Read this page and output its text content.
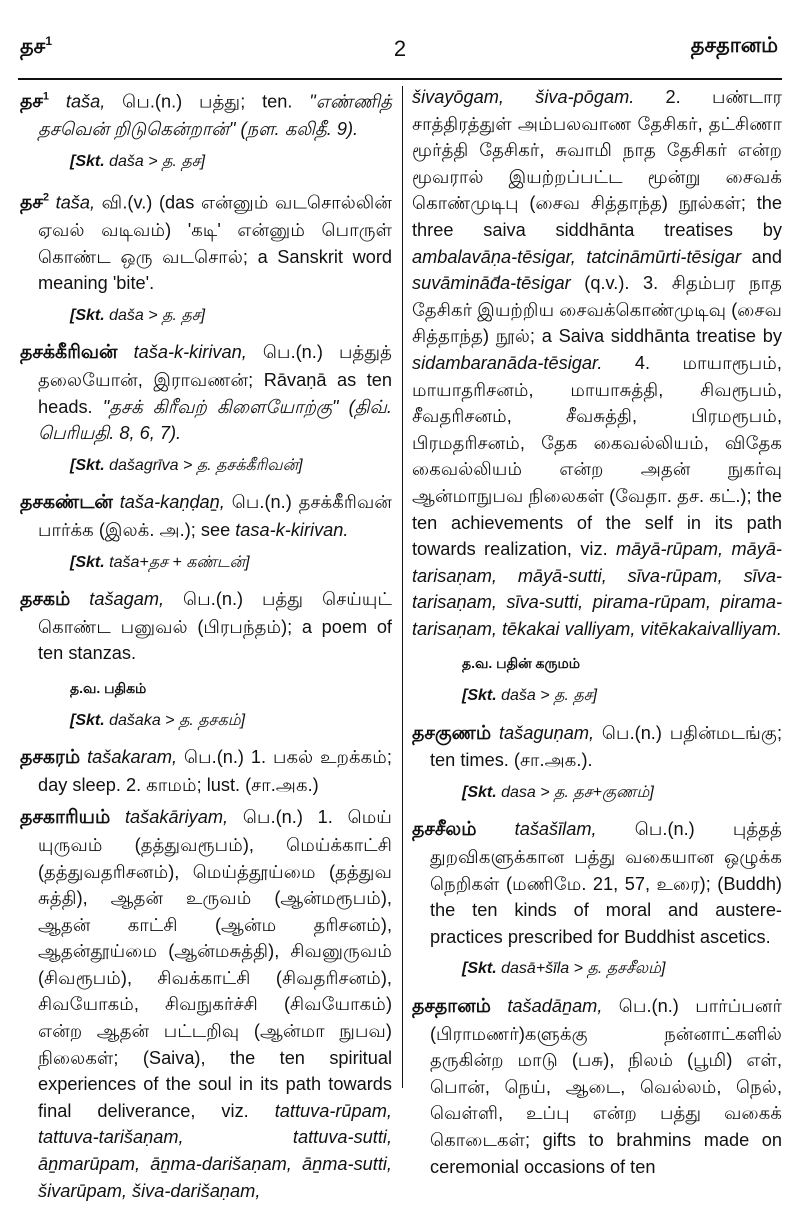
தச$^1$	2	தசதானம்

தச$^1$ taša, பெ.(n.) பத்து; ten. "எண்ணித் தசவென் றிடுகென்றான்" (நள. கலிதீ. 9).

[Skt. daša > த. தச]

தச$^2$ taša, வி.(v.) (das என்னும் வடசொல்லின் ஏவல் வடிவம்) 'கடி' என்னும் பொருள் கொண்ட ஒரு வடசொல்; a Sanskrit word meaning 'bite'.

[Skt. daša > த. தச]

தசக்கீரிவன் taša-k-kirivan, பெ.(n.) பத்துத் தலையோன், இராவணன்; Rāvaṇā as ten heads. "தசக் கிரீவற் கிளையோற்கு" (திவ். பெரியதி. 8, 6, 7).

[Skt. dašagrīva > த. தசக்கீரிவன்]

தசகண்டன் taša-kaṇḍaṉ, பெ.(n.) தசக்கீரிவன் பார்க்க (இலக். அ.); see tasa-k-kirivan.

[Skt. taša+தச + கண்டன்]

தசகம் tašagam, பெ.(n.) பத்து செய்யுட் கொண்ட பனுவல் (பிரபந்தம்); a poem of ten stanzas.

த.வ. பதிகம்
[Skt. dašaka > த. தசகம்]

தசகரம் tašakaram, பெ.(n.) 1. பகல் உறக்கம்; day sleep. 2. காமம்; lust. (சா.அக.)

தசகாரியம் tašakāriyam, பெ.(n.) 1. மெய் யுருவம் (தத்துவரூபம்), மெய்க்காட்சி (தத்துவதரிசனம்), மெய்த்தூய்மை (தத்துவ சுத்தி), ஆதன் உருவம் (ஆன்மரூபம்), ஆதன் காட்சி (ஆன்ம தரிசனம்), ஆதன்தூய்மை (ஆன்மசுத்தி), சிவனுருவம் (சிவரூபம்), சிவக்காட்சி (சிவதரிசனம்), சிவயோகம், சிவநுகர்ச்சி (சிவயோகம்) என்ற ஆதன் பட்டறிவு (ஆன்மா நுபவ) நிலைகள்; (Saiva), the ten spiritual experiences of the soul in its path towards final deliverance, viz. tattuva-rūpam, tattuva-tarišaṇam, tattuva-sutti, āṉmarūpam, āṉma-darišaṇam, āṉma-sutti, šivarūpam, šiva-darišaṇam,

šivayōgam, šiva-pōgam. 2. பண்டார சாத்திரத்துள் அம்பலவாண தேசிகர், தட்சிணா மூர்த்தி தேசிகர், சுவாமி நாத தேசிகர் என்ற மூவரால் இயற்றப்பட்ட மூன்று சைவக் கொண்முடிபு (சைவ சித்தாந்த) நூல்கள்; the three saiva siddhānta treatises by ambalavāṇa-tēsigar, tatcināmūrti-tēsigar and suvāminād̄a-tēsigar (q.v.). 3. சிதம்பர நாத தேசிகர் இயற்றிய சைவக்கொண்முடிவு (சைவ சித்தாந்த) நூல்; a Saiva siddhānta treatise by sidambaranāda-tēsigar. 4. மாயாரூபம், மாயாதரிசனம், மாயாசுத்தி, சிவரூபம், சீவதரிசனம், சீவசுத்தி, பிரமரூபம், பிரமதரிசனம், தேக கைவல்லியம், விதேக கைவல்லியம் என்ற அதன் நுகர்வு ஆன்மாநுபவ நிலைகள் (வேதா. தச. கட்.); the ten achievements of the self in its path towards realization, viz. māyā-rūpam, māyā-tarisaṇam, māyā-sutti, sīva-rūpam, sīva-tarisaṇam, sīva-sutti, pirama-rūpam, pirama-tarisaṇam, tēkakai valliyam, vitēkakaivalliyam.

த.வ. பதின் கருமம்
[Skt. daša > த. தச]

தசகுணம் tašaguṇam, பெ.(n.) பதின்மடங்கு; ten times. (சா.அக.).

[Skt. dasa > த. தச+குணம்]

தசசீலம் tašašīlam, பெ.(n.) புத்தத் துறவிகளுக்கான பத்து வகையான ஒழுக்க நெறிகள் (மணிமே. 21, 57, உரை); (Buddh) the ten kinds of moral and austere- practices prescribed for Buddhist ascetics.

[Skt. dasā+šīla > த. தசசீலம்]

தசதானம் tašadāṉam, பெ.(n.) பார்ப்பனர் (பிராமணர்)களுக்கு நன்னாட்களில் தருகின்ற மாடு (பசு), நிலம் (பூமி) எள், பொன், நெய், ஆடை, வெல்லம், நெல், வெள்ளி, உப்பு என்ற பத்து வகைக் கொடைகள்; gifts to brahmins made on ceremonial occasions of ten
